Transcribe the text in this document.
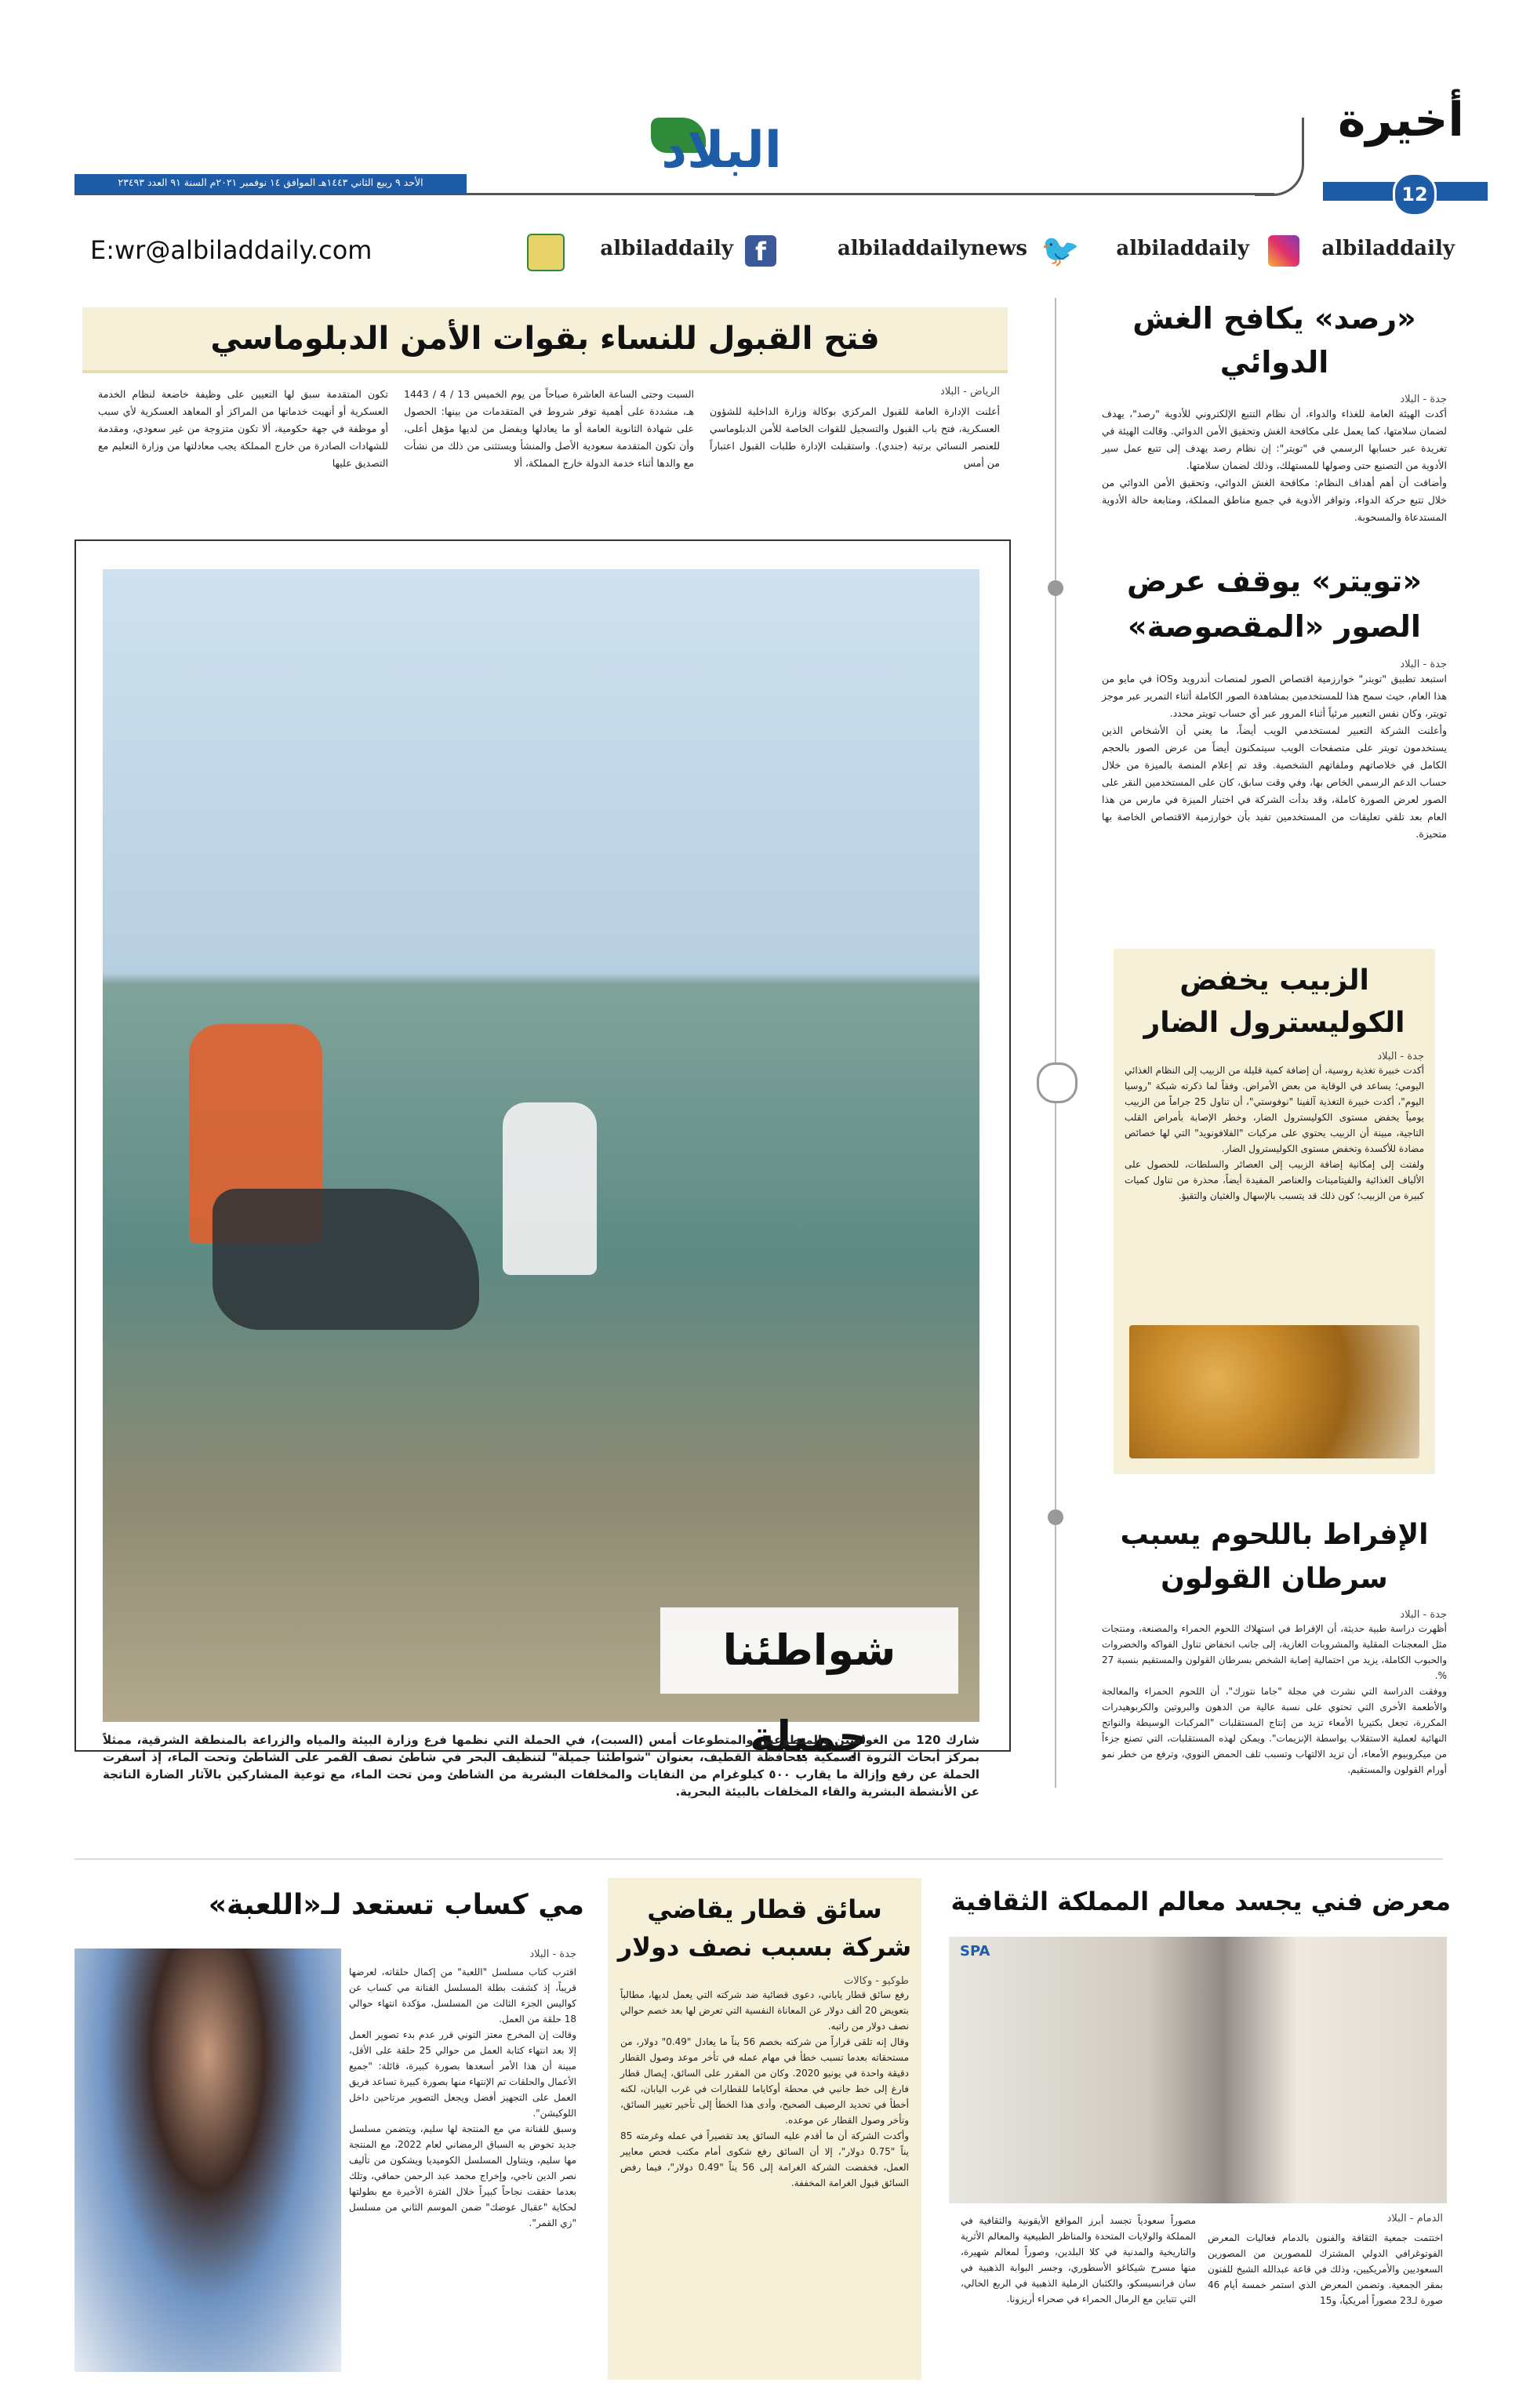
أخيرة
12
البلاد
الأحد ٩ ربيع الثاني ١٤٤٣هـ الموافق ١٤ نوفمبر ٢٠٢١م السنة ٩١ العدد ٢٣٤٩٣
albiladdaily
albiladdaily
🐦
albiladdailynews
f
albiladdaily
E:wr@albiladdaily.com
فتح القبول للنساء بقوات الأمن الدبلوماسي
الرياض - البلاد
أعلنت الإدارة العامة للقبول المركزي بوكالة وزارة الداخلية للشؤون العسكرية، فتح باب القبول والتسجيل للقوات الخاصة للأمن الدبلوماسي للعنصر النسائي برتبة (جندي). واستقبلت الإدارة طلبات القبول اعتباراً من أمس
السبت وحتى الساعة العاشرة صباحاً من يوم الخميس 13 / 4 / 1443 هـ، مشددة على أهمية توفر شروط في المتقدمات من بينها: الحصول على شهادة الثانوية العامة أو ما يعادلها ويفضل من لديها مؤهل أعلى، وأن تكون المتقدمة سعودية الأصل والمنشأ ويستثنى من ذلك من نشأت مع والدها أثناء خدمة الدولة خارج المملكة، ألا
تكون المتقدمة سبق لها التعيين على وظيفة خاضعة لنظام الخدمة العسكرية أو أنهيت خدماتها من المراكز أو المعاهد العسكرية لأي سبب أو موظفة في جهة حكومية، ألا تكون متزوجة من غير سعودي، ومقدمة للشهادات الصادرة من خارج المملكة يجب معادلتها من وزارة التعليم مع التصديق عليها
شواطئنا جميلة
شارك 120 من الغواصين والمتطوعين والمتطوعات أمس (السبت)، في الحملة التي نظمها فرع وزارة البيئة والمياه والزراعة بالمنطقة الشرقية، ممثلاً بمركز أبحاث الثروة السمكية بمحافظة القطيف، بعنوان "شواطئنا جميلة" لتنظيف البحر في شاطئ نصف القمر على الشاطئ وتحت الماء، إذ أسفرت الحملة عن رفع وإزالة ما يقارب ٥٠٠ كيلوغرام من النفايات والمخلفات البشرية من الشاطئ ومن تحت الماء، مع توعية المشاركين بالآثار الضارة الناتجة عن الأنشطة البشرية والقاء المخلفات بالبيئة البحرية.
«رصد» يكافح الغش الدوائي
جدة - البلاد
أكدت الهيئة العامة للغذاء والدواء، أن نظام التتبع الإلكتروني للأدوية "رصد"، يهدف لضمان سلامتها، كما يعمل على مكافحة الغش وتحقيق الأمن الدوائي. وقالت الهيئة في تغريدة عبر حسابها الرسمي في "تويتر": إن نظام رصد يهدف إلى تتبع عمل سير الأدوية من التصنيع حتى وصولها للمستهلك، وذلك لضمان سلامتها.
وأضافت أن أهم أهداف النظام: مكافحة الغش الدوائي، وتحقيق الأمن الدوائي من خلال تتبع حركة الدواء، وتوافر الأدوية في جميع مناطق المملكة، ومتابعة حالة الأدوية المستدعاة والمسحوبة.
«تويتر» يوقف عرض
الصور «المقصوصة»
جدة - البلاد
استبعد تطبيق "تويتر" خوارزمية اقتصاص الصور لمنصات أندرويد وiOS في مايو من هذا العام، حيث سمح هذا للمستخدمين بمشاهدة الصور الكاملة أثناء التمرير عبر موجز تويتر، وكان نفس التعبير مرئياً أثناء المرور عبر أي حساب تويتر محدد.
وأعلنت الشركة التعبير لمستخدمي الويب أيضاً، ما يعني أن الأشخاص الذين يستخدمون تويتر على متصفحات الويب سيتمكنون أيضاً من عرض الصور بالحجم الكامل في خلاصاتهم وملفاتهم الشخصية. وقد تم إعلام المنصة بالميزة من خلال حساب الدعم الرسمي الخاص بها، وفي وقت سابق، كان على المستخدمين النقر على الصور لعرض الصورة كاملة، وقد بدأت الشركة في اختبار الميزة في مارس من هذا العام بعد تلقي تعليقات من المستخدمين تفيد بأن خوارزمية الاقتصاص الخاصة بها متحيزة.
الزبيب يخفض
الكوليسترول الضار
جدة - البلاد
أكدت خبيرة تغذية روسية، أن إضافة كمية قليلة من الزبيب إلى النظام الغذائي اليومي؛ يساعد في الوقاية من بعض الأمراض. وفقاً لما ذكرته شبكة "روسيا اليوم"، أكدت خبيرة التغذية آلفينا "نوفوستي"، أن تناول 25 جراماً من الزبيب يومياً يخفض مستوى الكوليسترول الضار، وخطر الإصابة بأمراض القلب التاجية، مبينة أن الزبيب يحتوي على مركبات "الفلافونويد" التي لها خصائص مضادة للأكسدة وتخفض مستوى الكوليسترول الضار.
ولفتت إلى إمكانية إضافة الزبيب إلى العصائر والسلطات، للحصول على الألياف الغذائية والفيتامينات والعناصر المفيدة أيضاً، محذرة من تناول كميات كبيرة من الزبيب؛ كون ذلك قد يتسبب بالإسهال والغثيان والتقيؤ.
الإفراط باللحوم يسبب
سرطان القولون
جدة - البلاد
أظهرت دراسة طبية حديثة، أن الإفراط في استهلاك اللحوم الحمراء والمصنعة، ومنتجات مثل المعجنات المقلية والمشروبات الغازية، إلى جانب انخفاض تناول الفواكه والخضروات والحبوب الكاملة، يزيد من احتمالية إصابة الشخص بسرطان القولون والمستقيم بنسبة 27 %.
ووفقت الدراسة التي نشرت في مجلة "جاما نتورك"، أن اللحوم الحمراء والمعالجة والأطعمة الأخرى التي تحتوي على نسبة عالية من الدهون والبروتين والكربوهيدرات المكررة، تجعل بكتيريا الأمعاء تزيد من إنتاج المستقلبات "المركبات الوسيطة والنواتج النهائية لعملية الاستقلاب بواسطة الإنزيمات". ويمكن لهذه المستقلبات، التي تصنع جزءاً من ميكروبيوم الأمعاء، أن تزيد الالتهاب وتسبب تلف الحمض النووي، وترفع من خطر نمو أورام القولون والمستقيم.
معرض فني يجسد معالم المملكة الثقافية
SPA
الدمام - البلاد
اختتمت جمعية الثقافة والفنون بالدمام فعاليات المعرض الفوتوغرافي الدولي المشترك للمصورين من المصورين السعوديين والأمريكيين، وذلك في قاعة عبدالله الشيخ للفنون بمقر الجمعية. وتضمن المعرض الذي استمر خمسة أيام 46 صورة لـ23 مصوراً أمريكياً، و15
مصوراً سعودياً تجسد أبرز المواقع الأيقونية والثقافية في المملكة والولايات المتحدة والمناظر الطبيعية والمعالم الأثرية والتاريخية والمدنية في كلا البلدين، وصوراً لمعالم شهيرة، منها مسرح شيكاغو الأسطوري، وجسر البوابة الذهبية في سان فرانسيسكو، والكثبان الرملية الذهبية في الربع الخالي، التي تتباين مع الرمال الحمراء في صحراء أريزونا.
سائق قطار يقاضي
شركة بسبب نصف دولار
طوكيو - وكالات
رفع سائق قطار ياباني، دعوى قضائية ضد شركته التي يعمل لديها، مطالباً بتعويض 20 ألف دولار عن المعاناة النفسية التي تعرض لها بعد خصم حوالي نصف دولار من راتبه.
وقال إنه تلقى قراراً من شركته بخصم 56 يناً ما يعادل "0.49" دولار، من مستحقاته بعدما تسبب خطأ في مهام عمله في تأخر موعد وصول القطار دقيقة واحدة في يونيو 2020. وكان من المقرر على السائق، إيصال قطار فارغ إلى خط جانبي في محطة أوكاياما للقطارات في غرب اليابان، لكنه أخطأ في تحديد الرصيف الصحيح، وأدى هذا الخطأ إلى تأخير تغيير السائق، وتأخر وصول القطار عن موعده.
وأكدت الشركة أن ما أقدم عليه السائق يعد تقصيراً في عمله وغرمته 85 يناً "0.75 دولار"، إلا أن السائق رفع شكوى أمام مكتب فحص معايير العمل، فخفضت الشركة الغرامة إلى 56 يناً "0.49 دولار"، فيما رفض السائق قبول الغرامة المخففة.
مي كساب تستعد لـ«اللعبة»
جدة - البلاد
اقترب كتاب مسلسل "اللعبة" من إكمال حلقاته، لعرضها قريباً، إذ كشفت بطلة المسلسل الفنانة مي كساب عن كواليس الجزء الثالث من المسلسل، مؤكدة انتهاء حوالي 18 حلقة من العمل.
وقالت إن المخرج معتز التوني قرر عدم بدء تصوير العمل إلا بعد انتهاء كتابة العمل من حوالي 25 حلقة على الأقل، مبينة أن هذا الأمر أسعدها بصورة كبيرة، قائلة: "جميع الأعمال والحلقات تم الإنتهاء منها بصورة كبيرة تساعد فريق العمل على التجهيز أفضل ويجعل التصوير مرتاحين داخل اللوكيشن".
وسبق للفنانة مي مع المنتجة لها سليم، ويتضمن مسلسل جديد تخوض به السباق الرمضاني لعام 2022، مع المنتجة مها سليم، ويتناول المسلسل الكوميديا ويشكون من تأليف نصر الدين ناجي، وإخراج محمد عبد الرحمن حماقي، وتلك بعدما حققت نجاحاً كبيراً خلال الفترة الأخيرة مع بطولتها لحكاية "عقبال عوضك" ضمن الموسم الثاني من مسلسل "زي القمر".
